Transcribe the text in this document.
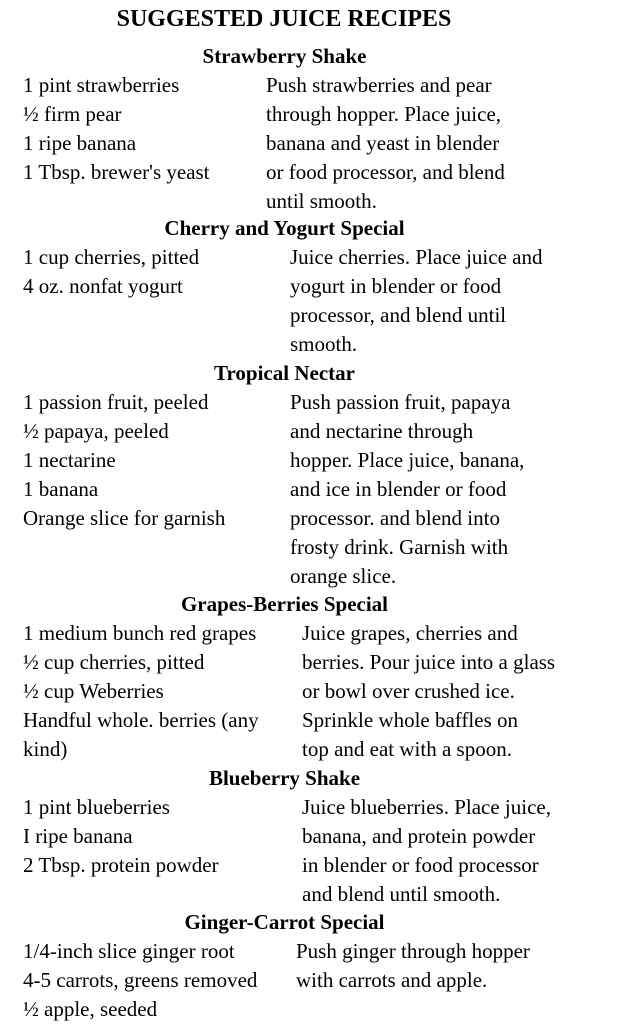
SUGGESTED JUICE RECIPES
Strawberry Shake
1 pint strawberries
½ firm pear
1 ripe banana
1 Tbsp. brewer's yeast
Push strawberries and pear
through hopper. Place juice,
banana and yeast in blender
or food processor, and blend
until smooth.
Cherry and Yogurt Special
1 cup cherries, pitted
4 oz. nonfat yogurt
Juice cherries. Place juice and
yogurt in blender or food
processor, and blend until
smooth.
Tropical Nectar
1 passion fruit, peeled
½ papaya, peeled
1 nectarine
1 banana
Orange slice for garnish
Push passion fruit, papaya
and nectarine through
hopper. Place juice, banana,
and ice in blender or food
processor. and blend into
frosty drink. Garnish with
orange slice.
Grapes-Berries Special
1 medium bunch red grapes
½ cup cherries, pitted
½ cup Weberries
Handful whole. berries (any
kind)
Juice grapes, cherries and
berries. Pour juice into a glass
or bowl over crushed ice.
Sprinkle whole baffles on
top and eat with a spoon.
Blueberry Shake
1 pint blueberries
I ripe banana
2 Tbsp. protein powder
Juice blueberries. Place juice,
banana, and protein powder
in blender or food processor
and blend until smooth.
Ginger-Carrot Special
1/4-inch slice ginger root
4-5 carrots, greens removed
½ apple, seeded
Push ginger through hopper
with carrots and apple.
